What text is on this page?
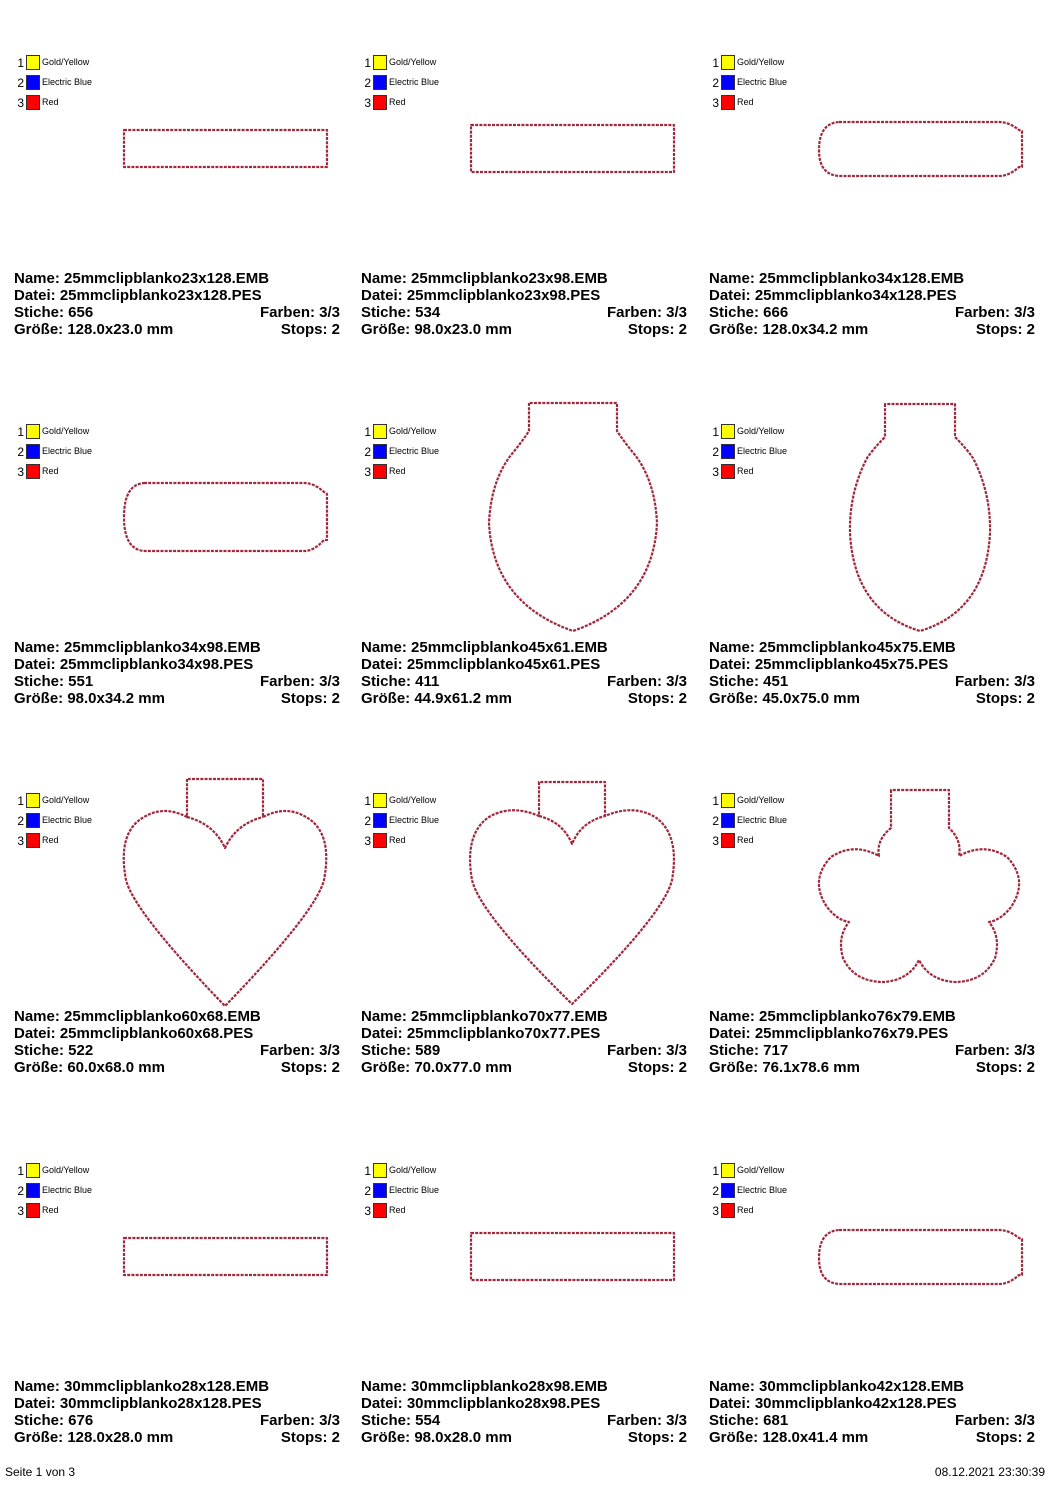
1 Gold/Yellow
2 Electric Blue
3 Red
Name: 25mmclipblanko23x128.EMB
Datei: 25mmclipblanko23x128.PES
Stiche: 656	Farben: 3/3
Größe: 128.0x23.0 mm	Stops: 2
1 Gold/Yellow
2 Electric Blue
3 Red
Name: 25mmclipblanko23x98.EMB
Datei: 25mmclipblanko23x98.PES
Stiche: 534	Farben: 3/3
Größe: 98.0x23.0 mm	Stops: 2
1 Gold/Yellow
2 Electric Blue
3 Red
Name: 25mmclipblanko34x128.EMB
Datei: 25mmclipblanko34x128.PES
Stiche: 666	Farben: 3/3
Größe: 128.0x34.2 mm	Stops: 2
1 Gold/Yellow
2 Electric Blue
3 Red
Name: 25mmclipblanko34x98.EMB
Datei: 25mmclipblanko34x98.PES
Stiche: 551	Farben: 3/3
Größe: 98.0x34.2 mm	Stops: 2
1 Gold/Yellow
2 Electric Blue
3 Red
Name: 25mmclipblanko45x61.EMB
Datei: 25mmclipblanko45x61.PES
Stiche: 411	Farben: 3/3
Größe: 44.9x61.2 mm	Stops: 2
1 Gold/Yellow
2 Electric Blue
3 Red
Name: 25mmclipblanko45x75.EMB
Datei: 25mmclipblanko45x75.PES
Stiche: 451	Farben: 3/3
Größe: 45.0x75.0 mm	Stops: 2
1 Gold/Yellow
2 Electric Blue
3 Red
Name: 25mmclipblanko60x68.EMB
Datei: 25mmclipblanko60x68.PES
Stiche: 522	Farben: 3/3
Größe: 60.0x68.0 mm	Stops: 2
1 Gold/Yellow
2 Electric Blue
3 Red
Name: 25mmclipblanko70x77.EMB
Datei: 25mmclipblanko70x77.PES
Stiche: 589	Farben: 3/3
Größe: 70.0x77.0 mm	Stops: 2
1 Gold/Yellow
2 Electric Blue
3 Red
Name: 25mmclipblanko76x79.EMB
Datei: 25mmclipblanko76x79.PES
Stiche: 717	Farben: 3/3
Größe: 76.1x78.6 mm	Stops: 2
1 Gold/Yellow
2 Electric Blue
3 Red
Name: 30mmclipblanko28x128.EMB
Datei: 30mmclipblanko28x128.PES
Stiche: 676	Farben: 3/3
Größe: 128.0x28.0 mm	Stops: 2
1 Gold/Yellow
2 Electric Blue
3 Red
Name: 30mmclipblanko28x98.EMB
Datei: 30mmclipblanko28x98.PES
Stiche: 554	Farben: 3/3
Größe: 98.0x28.0 mm	Stops: 2
1 Gold/Yellow
2 Electric Blue
3 Red
Name: 30mmclipblanko42x128.EMB
Datei: 30mmclipblanko42x128.PES
Stiche: 681	Farben: 3/3
Größe: 128.0x41.4 mm	Stops: 2
Seite 1 von 3	08.12.2021 23:30:39
